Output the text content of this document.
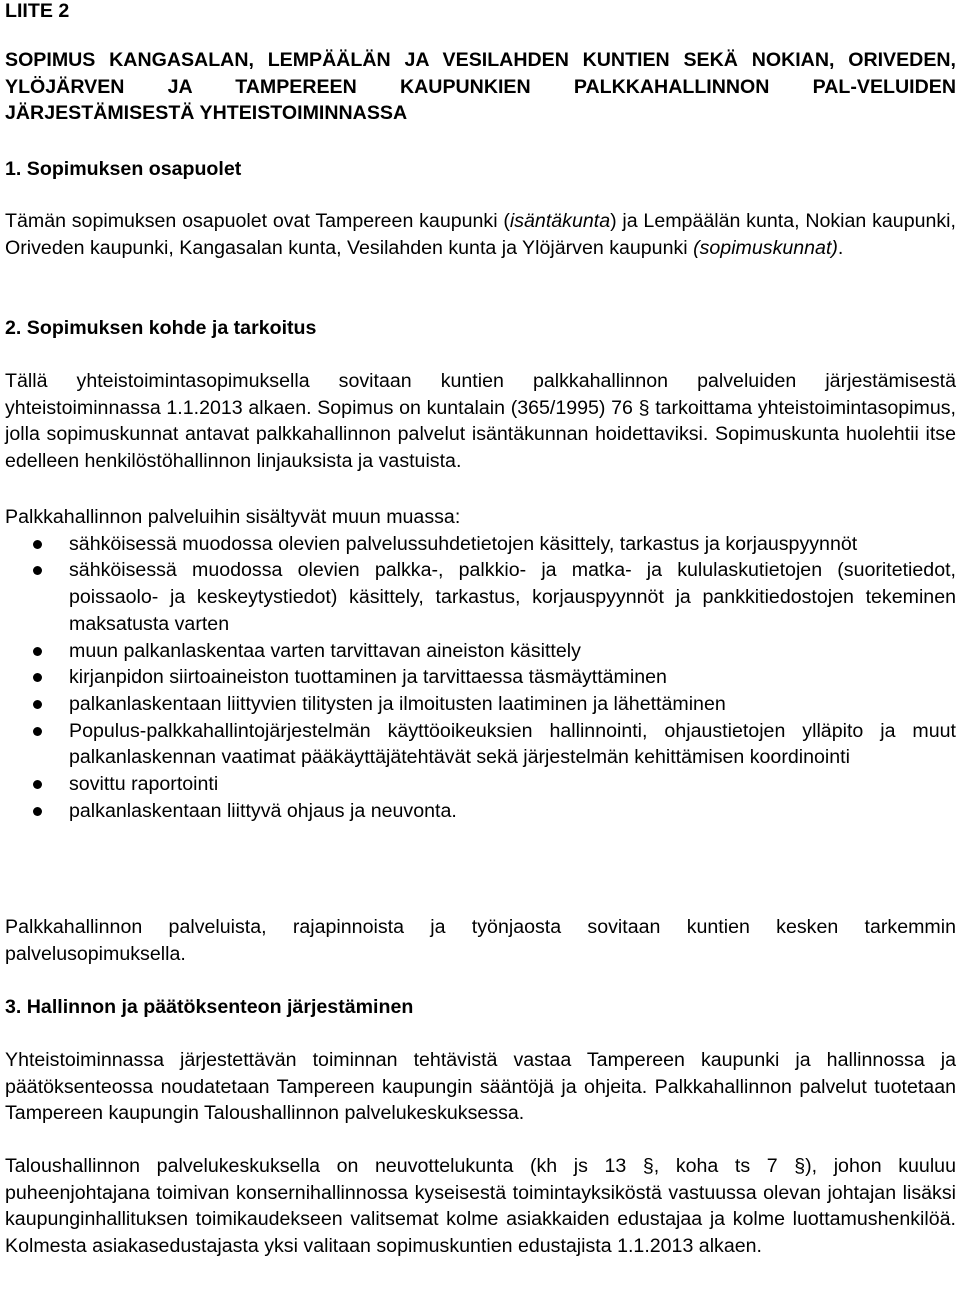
LIITE 2
SOPIMUS KANGASALAN, LEMPÄÄLÄN JA VESILAHDEN KUNTIEN SEKÄ NOKIAN, ORIVEDEN, YLÖJÄRVEN JA TAMPEREEN KAUPUNKIEN PALKKAHALLINNON PAL-VELUIDEN JÄRJESTÄMISESTÄ YHTEISTOIMINNASSA
1. Sopimuksen osapuolet
Tämän sopimuksen osapuolet ovat Tampereen kaupunki (isäntäkunta) ja Lempäälän kunta, Nokian kaupunki, Oriveden kaupunki, Kangasalan kunta, Vesilahden kunta ja Ylöjärven kaupunki (sopimuskunnat).
2. Sopimuksen kohde ja tarkoitus
Tällä yhteistoimintasopimuksella sovitaan kuntien palkkahallinnon palveluiden järjestämisestä yhteistoiminnassa 1.1.2013 alkaen. Sopimus on kuntalain (365/1995) 76 § tarkoittama yhteistoimintasopimus, jolla sopimuskunnat antavat palkkahallinnon palvelut isäntäkunnan hoidettaviksi. Sopimuskunta huolehtii itse edelleen henkilöstöhallinnon linjauksista ja vastuista.

Palkkahallinnon palveluihin sisältyvät muun muassa:

sähköisessä muodossa olevien palvelussuhdetietojen käsittely, tarkastus ja korjauspyynnöt
sähköisessä muodossa olevien palkka-, palkkio- ja matka- ja kululaskutietojen (suoritetiedot, poissaolo- ja keskeytystiedot) käsittely, tarkastus, korjauspyynnöt ja pankkitiedostojen tekeminen maksatusta varten
muun palkanlaskentaa varten tarvittavan aineiston käsittely
kirjanpidon siirtoaineiston tuottaminen ja tarvittaessa täsmäyttäminen
palkanlaskentaan liittyvien tilitysten ja ilmoitusten laatiminen ja lähettäminen
Populus-palkkahallintojärjestelmän käyttöoikeuksien hallinnointi, ohjaustietojen ylläpito ja muut palkanlaskennan vaatimat pääkäyttäjätehtävät sekä järjestelmän kehittämisen koordinointi
sovittu raportointi
palkanlaskentaan liittyvä ohjaus ja neuvonta.
Palkkahallinnon palveluista, rajapinnoista ja työnjaosta sovitaan kuntien kesken tarkemmin palvelusopimuksella.
3. Hallinnon ja päätöksenteon järjestäminen
Yhteistoiminnassa järjestettävän toiminnan tehtävistä vastaa Tampereen kaupunki ja hallinnossa ja päätöksenteossa noudatetaan Tampereen kaupungin sääntöjä ja ohjeita. Palkkahallinnon palvelut tuotetaan Tampereen kaupungin Taloushallinnon palvelukeskuksessa.
Taloushallinnon palvelukeskuksella on neuvottelukunta (kh js 13 §, koha ts 7 §), johon kuuluu puheenjohtajana toimivan konsernihallinnossa kyseisestä toimintayksiköstä vastuussa olevan johtajan lisäksi kaupunginhallituksen toimikaudekseen valitsemat kolme asiakkaiden edustajaa ja kolme luottamushenkilöä. Kolmesta asiakasedustajasta yksi valitaan sopimuskuntien edustajista 1.1.2013 alkaen.
